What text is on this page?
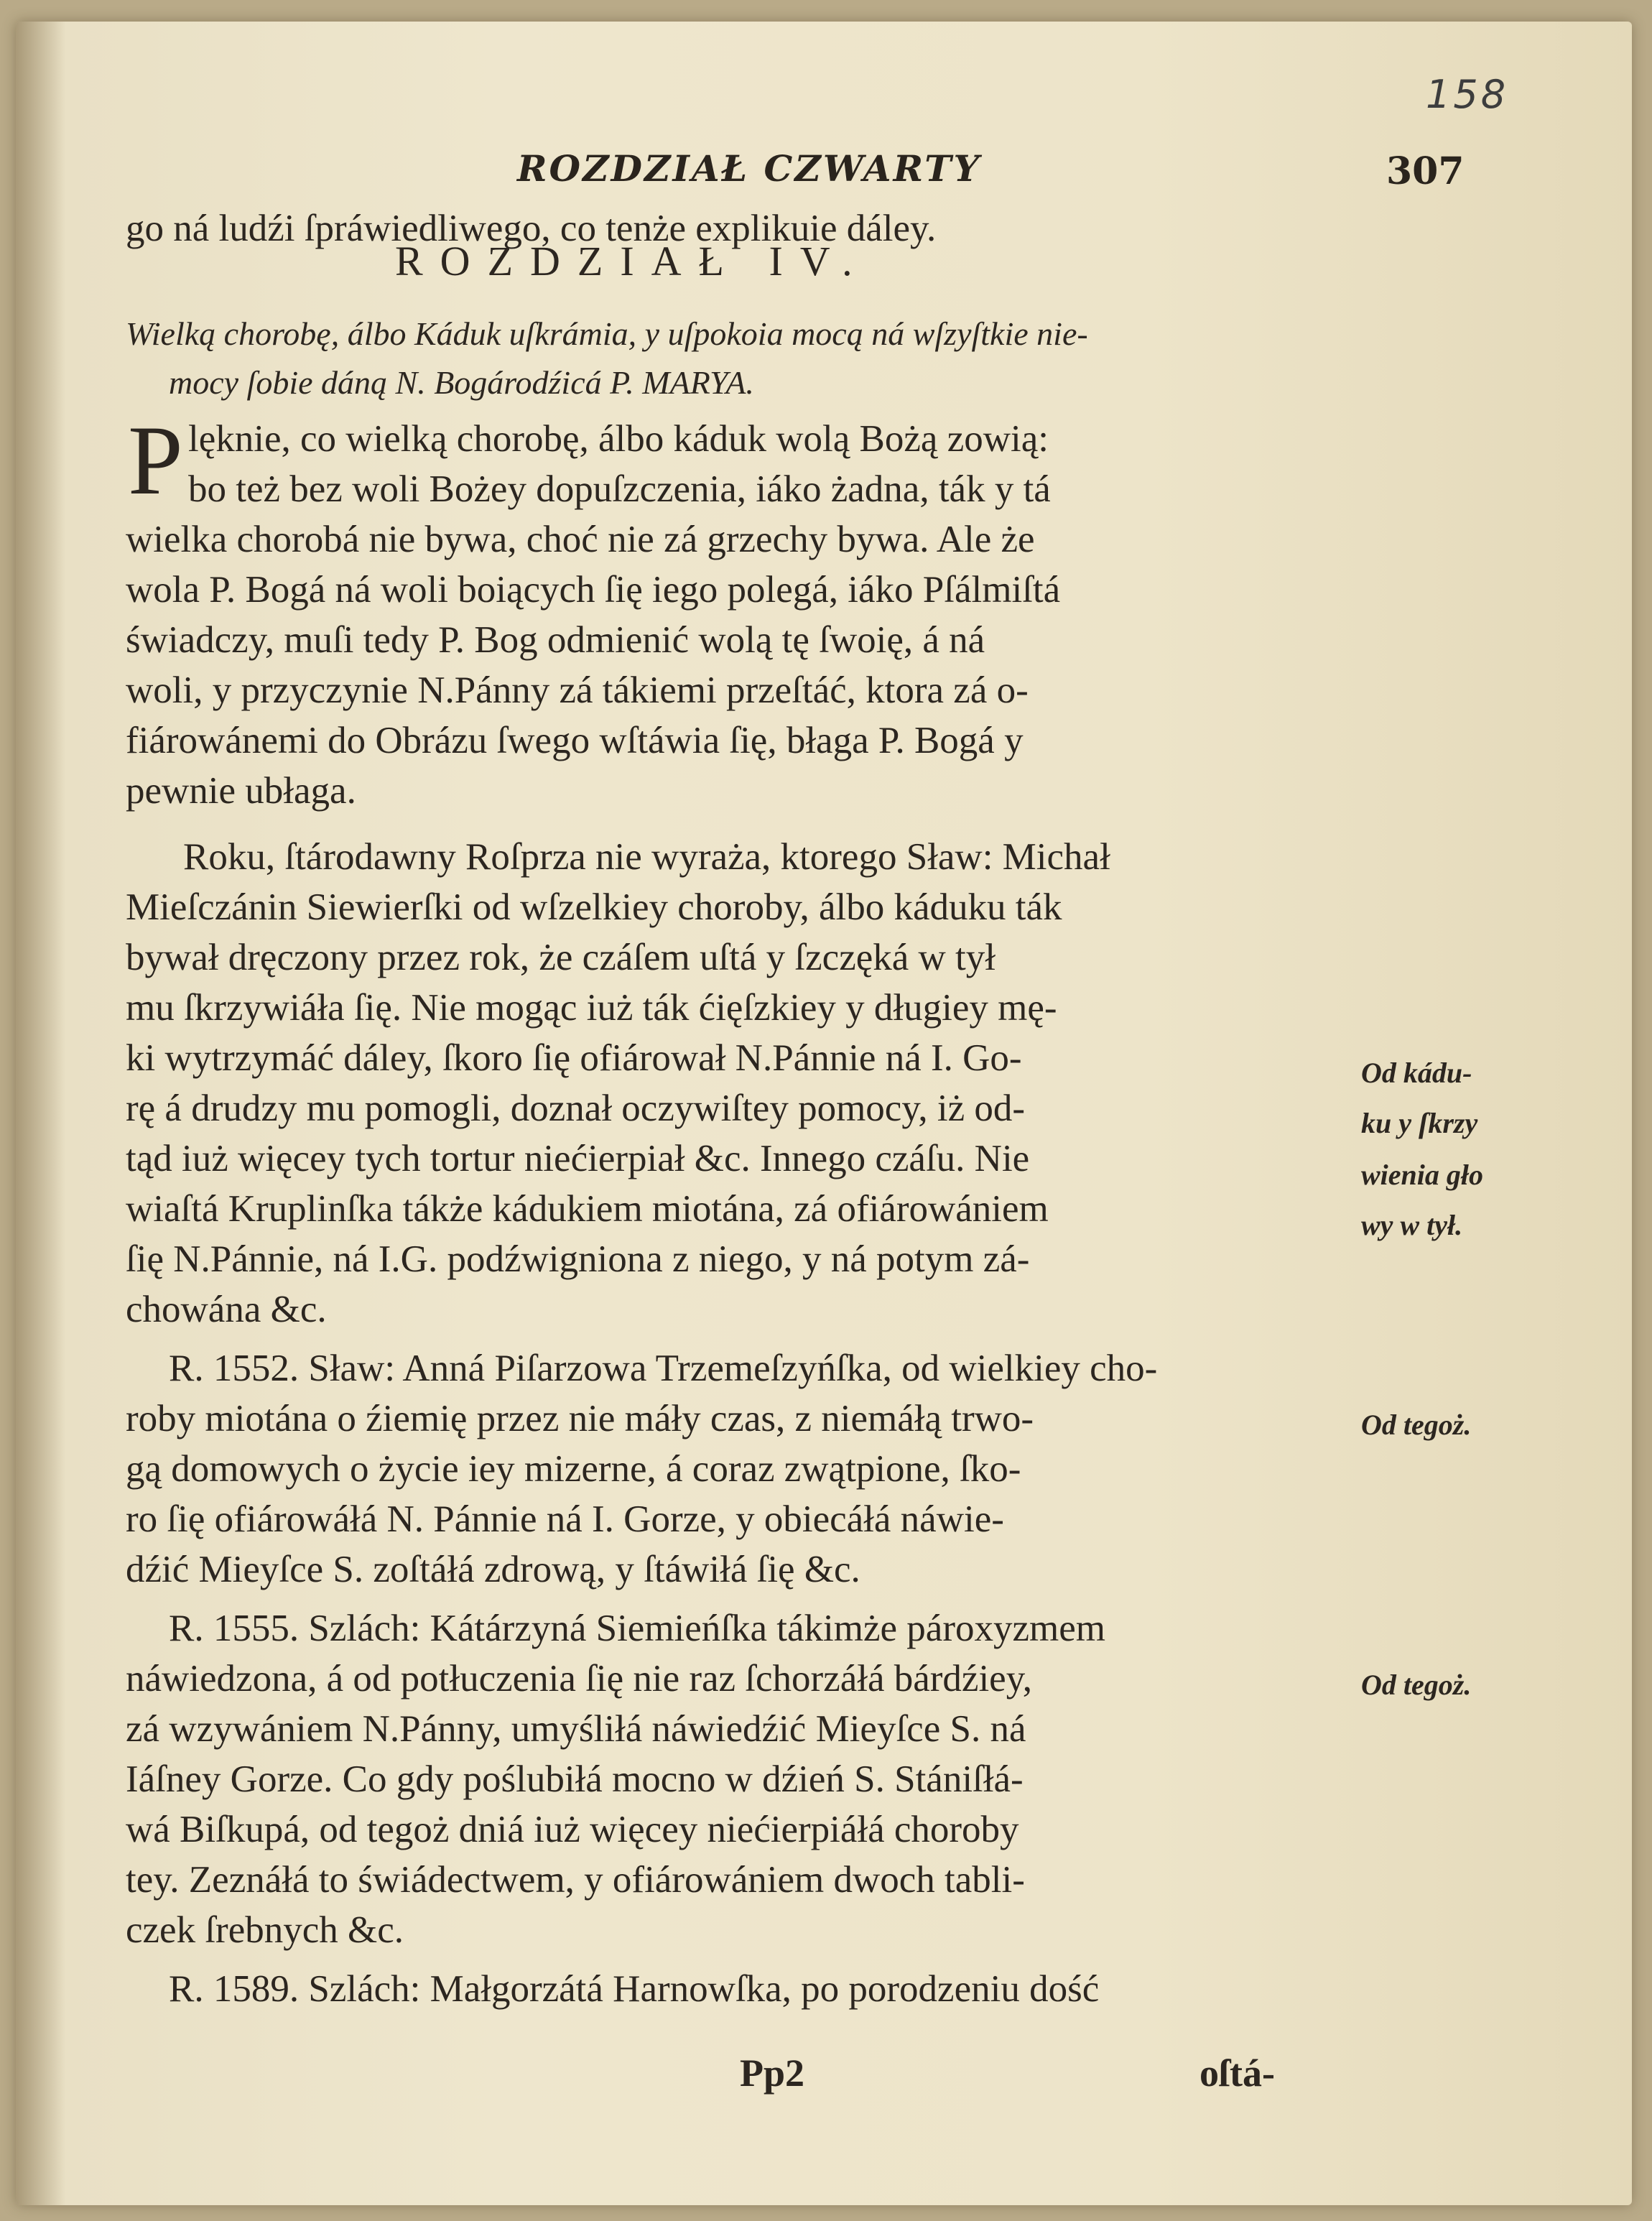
158
ROZDZIAŁ CZWARTY	307
go ná ludźi ſpráwiedliwego, co tenże explikuie dáley.
ROZDZIAŁ IV.
Wielką chorobę, álbo Káduk uſkrámia, y uſpokoia mocą ná wſzyſtkie nie-
mocy ſobie dáną N. Bogárodźicá P. MARYA.
P lęknie, co wielką chorobę, álbo káduk wolą Bożą zowią:
bo też bez woli Bożey dopuſzczenia, iáko żadna, ták y tá
wielka chorobá nie bywa, choć nie zá grzechy bywa. Ale że
wola P. Bogá ná woli boiących ſię iego polegá, iáko Pſálmiſtá
świadczy, muſi tedy P. Bog odmienić wolą tę ſwoię, á ná
woli, y przyczynie N.Pánny zá tákiemi przeſtáć, ktora zá o-
fiárowánemi do Obrázu ſwego wſtáwia ſię, błaga P. Bogá y
pewnie ubłaga.
Roku, ſtárodawny Roſprza nie wyraża, ktorego Sław: Michał
Mieſczánin Siewierſki od wſzelkiey choroby, álbo káduku ták
bywał dręczony przez rok, że czáſem uſtá y ſzczęká w tył
mu ſkrzywiáła ſię. Nie mogąc iuż ták ćięſzkiey y długiey mę-
ki wytrzymáć dáley, ſkoro ſię ofiárował N.Pánnie ná I. Go-
rę á drudzy mu pomogli, doznał oczywiſtey pomocy, iż od-
tąd iuż więcey tych tortur niećierpiał &c. Innego czáſu. Nie
wiaſtá Kruplinſka tákże kádukiem miotána, zá ofiárowániem
ſię N.Pánnie, ná I.G. podźwigniona z niego, y ná potym zá-
chowána &c.
R. 1552. Sław: Anná Piſarzowa Trzemeſzyńſka, od wielkiey cho-
roby miotána o źiemię przez nie máły czas, z niemáłą trwo-
gą domowych o życie iey mizerne, á coraz zwątpione, ſko-
ro ſię ofiárowáłá N. Pánnie ná I. Gorze, y obiecáłá náwie-
dźić Mieyſce S. zoſtáłá zdrową, y ſtáwiłá ſię &c.
R. 1555. Szlách: Kátárzyná Siemieńſka tákimże pároxyzmem
náwiedzona, á od potłuczenia ſię nie raz ſchorzáłá bárdźiey,
zá wzywániem N.Pánny, umyśliłá náwiedźić Mieyſce S. ná
Iáſney Gorze. Co gdy poślubiłá mocno w dźień S. Stániſłá-
wá Biſkupá, od tegoż dniá iuż więcey niećierpiáłá choroby
tey. Zeznáłá to świádectwem, y ofiárowániem dwoch tabli-
czek ſrebnych &c.
R. 1589. Szlách: Małgorzátá Harnowſka, po porodzeniu dość
Od kádu-
ku y ſkrzy
wienia gło
wy w tył.
Od tegoż.
Od tegoż.
Pp2	oſtá-
